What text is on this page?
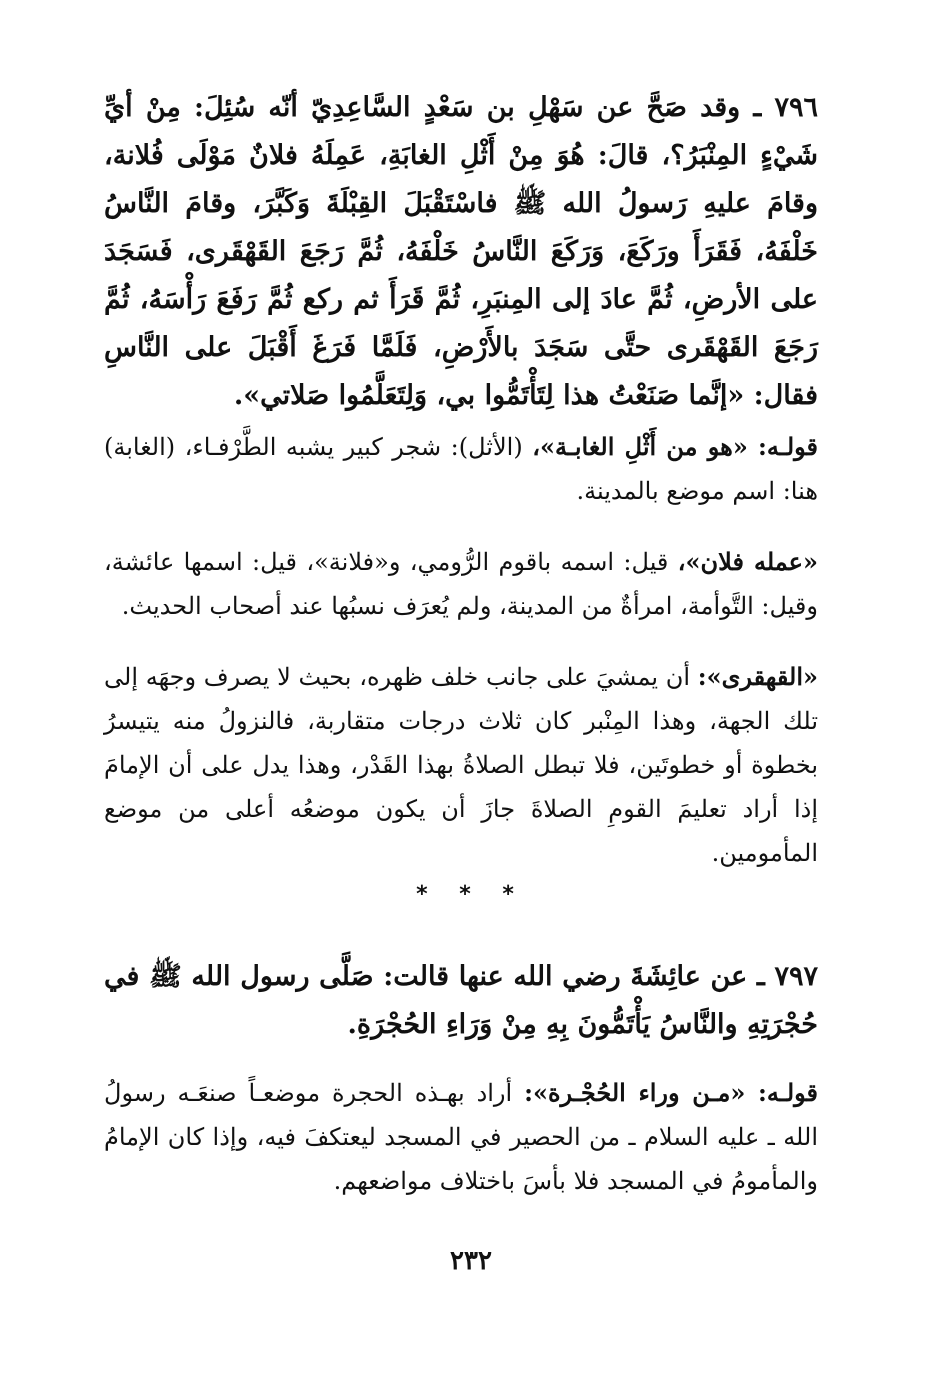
٧٩٦ ـ وقد صَحَّ عن سَهْلِ بن سَعْدٍ السَّاعِدِيّ أنّه سُئِلَ: مِنْ أيِّ شَيْءٍ المِنْبَرُ؟، قالَ: هُوَ مِنْ أَثْلِ الغابَةِ، عَمِلَهُ فلانٌ مَوْلَى فُلانة، وقامَ عليهِ رَسولُ الله ﷺ فاسْتَقْبَلَ القِبْلَةَ وَكَبَّرَ، وقامَ النَّاسُ خَلْفَهُ، فَقَرَأَ ورَكَعَ، وَرَكَعَ النَّاسُ خَلْفَهُ، ثُمَّ رَجَعَ القَهْقَرى، فَسَجَدَ على الأرضِ، ثُمَّ عادَ إلى المِنبَرِ، ثُمَّ قَرَأَ ثم ركع ثُمَّ رَفَعَ رَأْسَهُ، ثُمَّ رَجَعَ القَهْقَرى حتَّى سَجَدَ بالأَرْضِ، فَلَمَّا فَرَغَ أَقْبَلَ على النَّاسِ فقال: «إنَّما صَنَعْتُ هذا لِتَأْتَمُّوا بي، وَلِتَعَلَّمُوا صَلاتي».

قولـه: «هو من أَثْلِ الغابـة»، (الأثل): شجر كبير يشبه الطَّرْفـاء، (الغابة) هنا: اسم موضع بالمدينة.

«عمله فلان»، قيل: اسمه باقوم الرُّومي، و«فلانة»، قيل: اسمها عائشة، وقيل: التَّوأمة، امرأةٌ من المدينة، ولم يُعرَف نسبُها عند أصحاب الحديث.

«القهقرى»: أن يمشيَ على جانب خلف ظهره، بحيث لا يصرف وجهَه إلى تلك الجهة، وهذا المِنْبر كان ثلاث درجات متقاربة، فالنزولُ منه يتيسرُ بخطوة أو خطوتَين، فلا تبطل الصلاةُ بهذا القَدْر، وهذا يدل على أن الإمامَ إذا أراد تعليمَ القومِ الصلاةَ جازَ أن يكون موضعُه أعلى من موضع المأمومين.

* * *

٧٩٧ ـ عن عائِشَةَ رضي الله عنها قالت: صَلَّى رسول الله ﷺ في حُجْرَتِهِ والنَّاسُ يَأْتَمُّونَ بِهِ مِنْ وَرَاءِ الحُجْرَةِ.

قولـه: «مـن وراء الحُجْـرة»: أراد بهـذه الحجرة موضعـاً صنعَـه رسولُ الله ـ عليه السلام ـ من الحصير في المسجد ليعتكفَ فيه، وإذا كان الإمامُ والمأمومُ في المسجد فلا بأسَ باختلاف مواضعهم.

٢٣٢
